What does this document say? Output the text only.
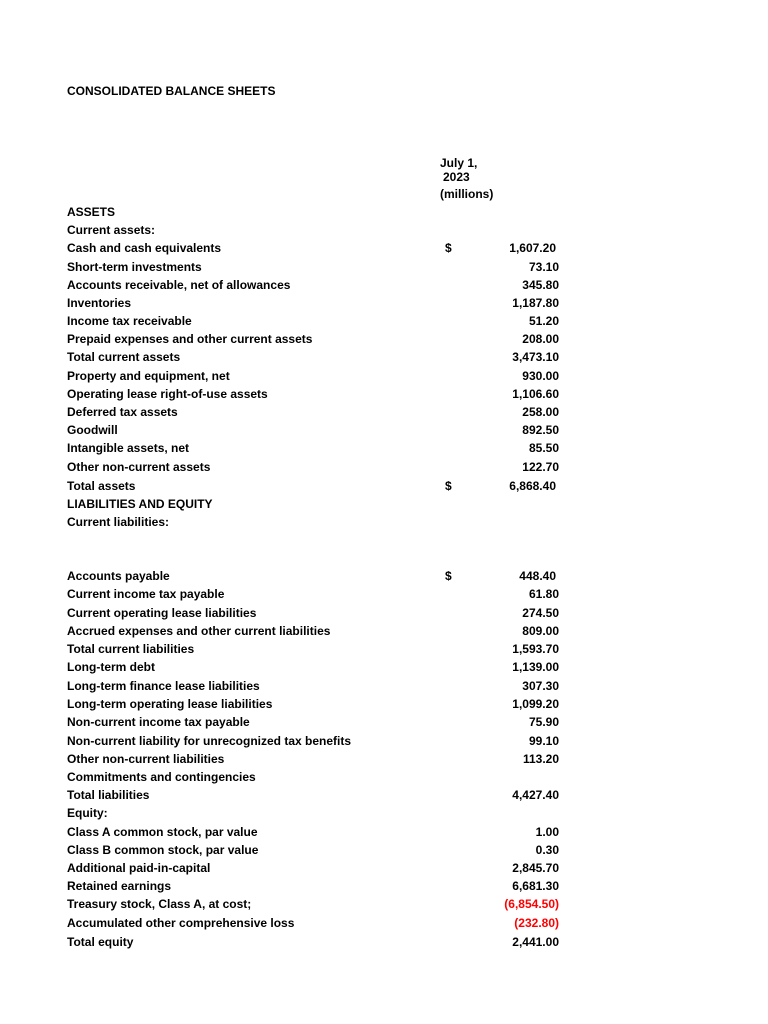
CONSOLIDATED BALANCE SHEETS
July 1,
2023
(millions)
ASSETS
Current assets:
Cash and cash equivalents	$	1,607.20
Short-term investments	73.10
Accounts receivable, net of allowances	345.80
Inventories	1,187.80
Income tax receivable	51.20
Prepaid expenses and other current assets	208.00
Total current assets	3,473.10
Property and equipment, net	930.00
Operating lease right-of-use assets	1,106.60
Deferred tax assets	258.00
Goodwill	892.50
Intangible assets, net	85.50
Other non-current assets	122.70
Total assets	$	6,868.40
LIABILITIES AND EQUITY
Current liabilities:
Accounts payable	$	448.40
Current income tax payable	61.80
Current operating lease liabilities	274.50
Accrued expenses and other current liabilities	809.00
Total current liabilities	1,593.70
Long-term debt	1,139.00
Long-term finance lease liabilities	307.30
Long-term operating lease liabilities	1,099.20
Non-current income tax payable	75.90
Non-current liability for unrecognized tax benefits	99.10
Other non-current liabilities	113.20
Commitments and contingencies
Total liabilities	4,427.40
Equity:
Class A common stock, par value	1.00
Class B common stock, par value	0.30
Additional paid-in-capital	2,845.70
Retained earnings	6,681.30
Treasury stock, Class A, at cost;	(6,854.50)
Accumulated other comprehensive loss	(232.80)
Total equity	2,441.00
